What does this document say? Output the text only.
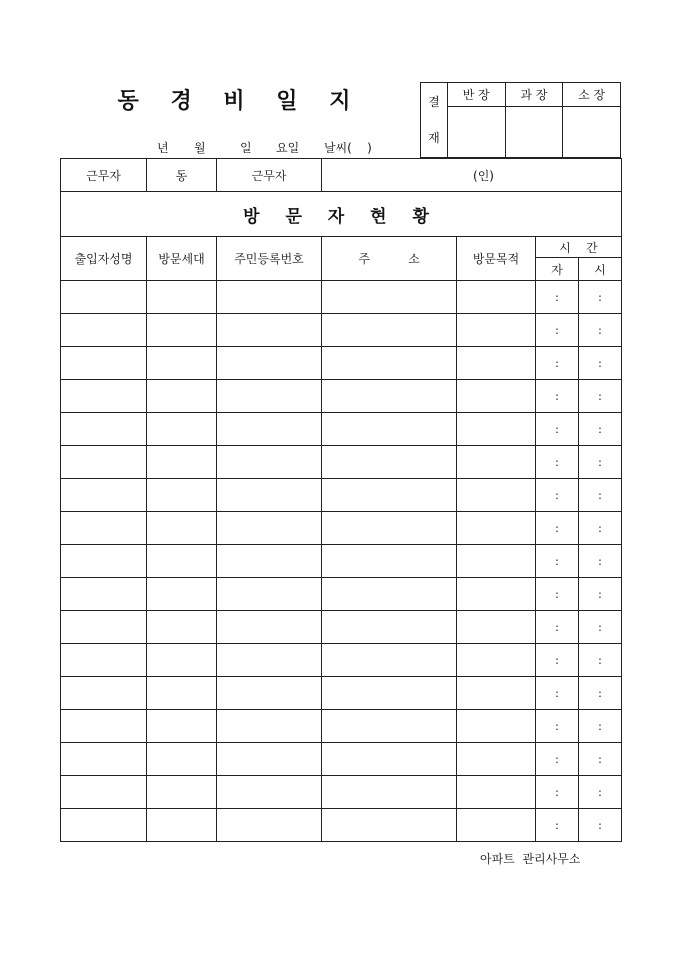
동 경 비 일 지
년 월	일 요일 날씨(    )
결
재	반 장	과 장	소 장

근무자	동	근무자	(인)			
방 문 자 현 황						
출입자성명	방문세대	주민등록번호	주          소	방문목적	시    간	
					자	시
					:	:
					:	:
					:	:
					:	:
					:	:
					:	:
					:	:
					:	:
					:	:
					:	:
					:	:
					:	:
					:	:
					:	:
					:	:
					:	:
					:	:
아파트  관리사무소
